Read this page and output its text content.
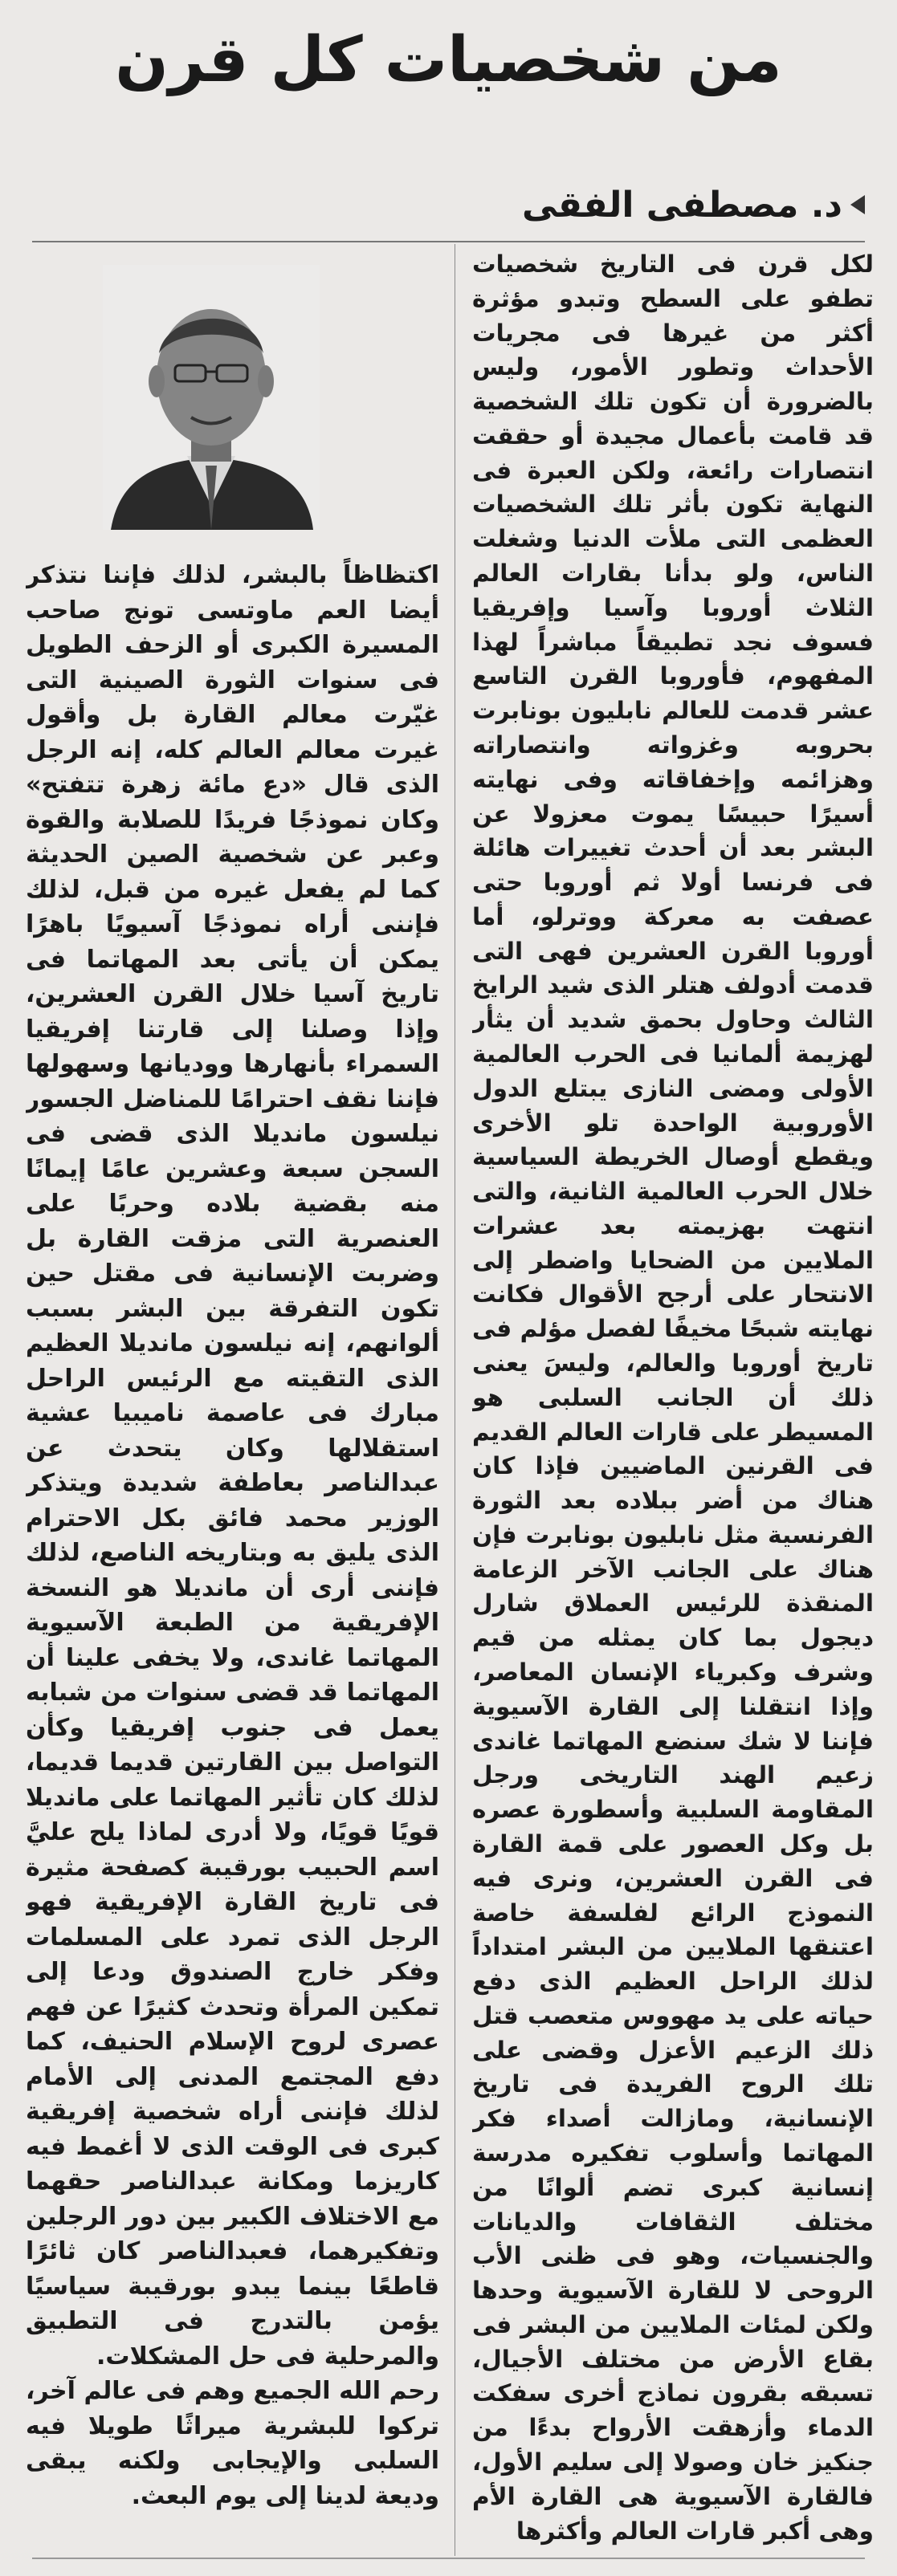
من شخصيات كل قرن
د. مصطفى الفقى

لكل قرن فى التاريخ شخصيات تطفو على السطح وتبدو مؤثرة أكثر من غيرها فى مجريات الأحداث وتطور الأمور، وليس بالضرورة أن تكون تلك الشخصية قد قامت بأعمال مجيدة أو حققت انتصارات رائعة، ولكن العبرة فى النهاية تكون بأثر تلك الشخصيات العظمى التى ملأت الدنيا وشغلت الناس، ولو بدأنا بقارات العالم الثلاث أوروبا وآسيا وإفريقيا فسوف نجد تطبيقاً مباشراً لهذا المفهوم، فأوروبا القرن التاسع عشر قدمت للعالم نابليون بونابرت بحروبه وغزواته وانتصاراته وهزائمه وإخفاقاته وفى نهايته أسيرًا حبيسًا يموت معزولا عن البشر بعد أن أحدث تغييرات هائلة فى فرنسا أولا ثم أوروبا حتى عصفت به معركة ووترلو، أما أوروبا القرن العشرين فهى التى قدمت أدولف هتلر الذى شيد الرايخ الثالث وحاول بحمق شديد أن يثأر لهزيمة ألمانيا فى الحرب العالمية الأولى ومضى النازى يبتلع الدول الأوروبية الواحدة تلو الأخرى ويقطع أوصال الخريطة السياسية خلال الحرب العالمية الثانية، والتى انتهت بهزيمته بعد عشرات الملايين من الضحايا واضطر إلى الانتحار على أرجح الأقوال فكانت نهايته شبحًا مخيفًا لفصل مؤلم فى تاريخ أوروبا والعالم، وليسَ يعنى ذلك أن الجانب السلبى هو المسيطر على قارات العالم القديم فى القرنين الماضيين فإذا كان هناك من أضر ببلاده بعد الثورة الفرنسية مثل نابليون بونابرت فإن هناك على الجانب الآخر الزعامة المنقذة للرئيس العملاق شارل ديجول بما كان يمثله من قيم وشرف وكبرياء الإنسان المعاصر، وإذا انتقلنا إلى القارة الآسيوية فإننا لا شك سنضع المهاتما غاندى زعيم الهند التاريخى ورجل المقاومة السلبية وأسطورة عصره بل وكل العصور على قمة القارة فى القرن العشرين، ونرى فيه النموذج الرائع لفلسفة خاصة اعتنقها الملايين من البشر امتداداً لذلك الراحل العظيم الذى دفع حياته على يد مهووس متعصب قتل ذلك الزعيم الأعزل وقضى على تلك الروح الفريدة فى تاريخ الإنسانية، ومازالت أصداء فكر المهاتما وأسلوب تفكيره مدرسة إنسانية كبرى تضم ألوانًا من مختلف الثقافات والديانات والجنسيات، وهو فى ظنى الأب الروحى لا للقارة الآسيوية وحدها ولكن لمئات الملايين من البشر فى بقاع الأرض من مختلف الأجيال، تسبقه بقرون نماذج أخرى سفكت الدماء وأزهقت الأرواح بدءًا من جنكيز خان وصولا إلى سليم الأول، فالقارة الآسيوية هى القارة الأم وهى أكبر قارات العالم وأكثرها

اكتظاظاً بالبشر، لذلك فإننا نتذكر أيضا العم ماوتسى تونج صاحب المسيرة الكبرى أو الزحف الطويل فى سنوات الثورة الصينية التى غيّرت معالم القارة بل وأقول غيرت معالم العالم كله، إنه الرجل الذى قال «دع مائة زهرة تتفتح» وكان نموذجًا فريدًا للصلابة والقوة وعبر عن شخصية الصين الحديثة كما لم يفعل غيره من قبل، لذلك فإننى أراه نموذجًا آسيويًا باهرًا يمكن أن يأتى بعد المهاتما فى تاريخ آسيا خلال القرن العشرين، وإذا وصلنا إلى قارتنا إفريقيا السمراء بأنهارها ووديانها وسهولها فإننا نقف احترامًا للمناضل الجسور نيلسون مانديلا الذى قضى فى السجن سبعة وعشرين عامًا إيمانًا منه بقضية بلاده وحربًا على العنصرية التى مزقت القارة بل وضربت الإنسانية فى مقتل حين تكون التفرقة بين البشر بسبب ألوانهم، إنه نيلسون مانديلا العظيم الذى التقيته مع الرئيس الراحل مبارك فى عاصمة ناميبيا عشية استقلالها وكان يتحدث عن عبدالناصر بعاطفة شديدة ويتذكر الوزير محمد فائق بكل الاحترام الذى يليق به وبتاريخه الناصع، لذلك فإننى أرى أن مانديلا هو النسخة الإفريقية من الطبعة الآسيوية المهاتما غاندى، ولا يخفى علينا أن المهاتما قد قضى سنوات من شبابه يعمل فى جنوب إفريقيا وكأن التواصل بين القارتين قديما قديما، لذلك كان تأثير المهاتما على مانديلا قويًا قويًا، ولا أدرى لماذا يلح عليَّ اسم الحبيب بورقيبة كصفحة مثيرة فى تاريخ القارة الإفريقية فهو الرجل الذى تمرد على المسلمات وفكر خارج الصندوق ودعا إلى تمكين المرأة وتحدث كثيرًا عن فهم عصرى لروح الإسلام الحنيف، كما دفع المجتمع المدنى إلى الأمام لذلك فإننى أراه شخصية إفريقية كبرى فى الوقت الذى لا أغمط فيه كاريزما ومكانة عبدالناصر حقهما مع الاختلاف الكبير بين دور الرجلين وتفكيرهما، فعبدالناصر كان ثائرًا قاطعًا بينما يبدو بورقيبة سياسيًا يؤمن بالتدرج فى التطبيق والمرحلية فى حل المشكلات.

رحم الله الجميع وهم فى عالم آخر، تركوا للبشرية ميراثًا طويلا فيه السلبى والإيجابى ولكنه يبقى وديعة لدينا إلى يوم البعث.
